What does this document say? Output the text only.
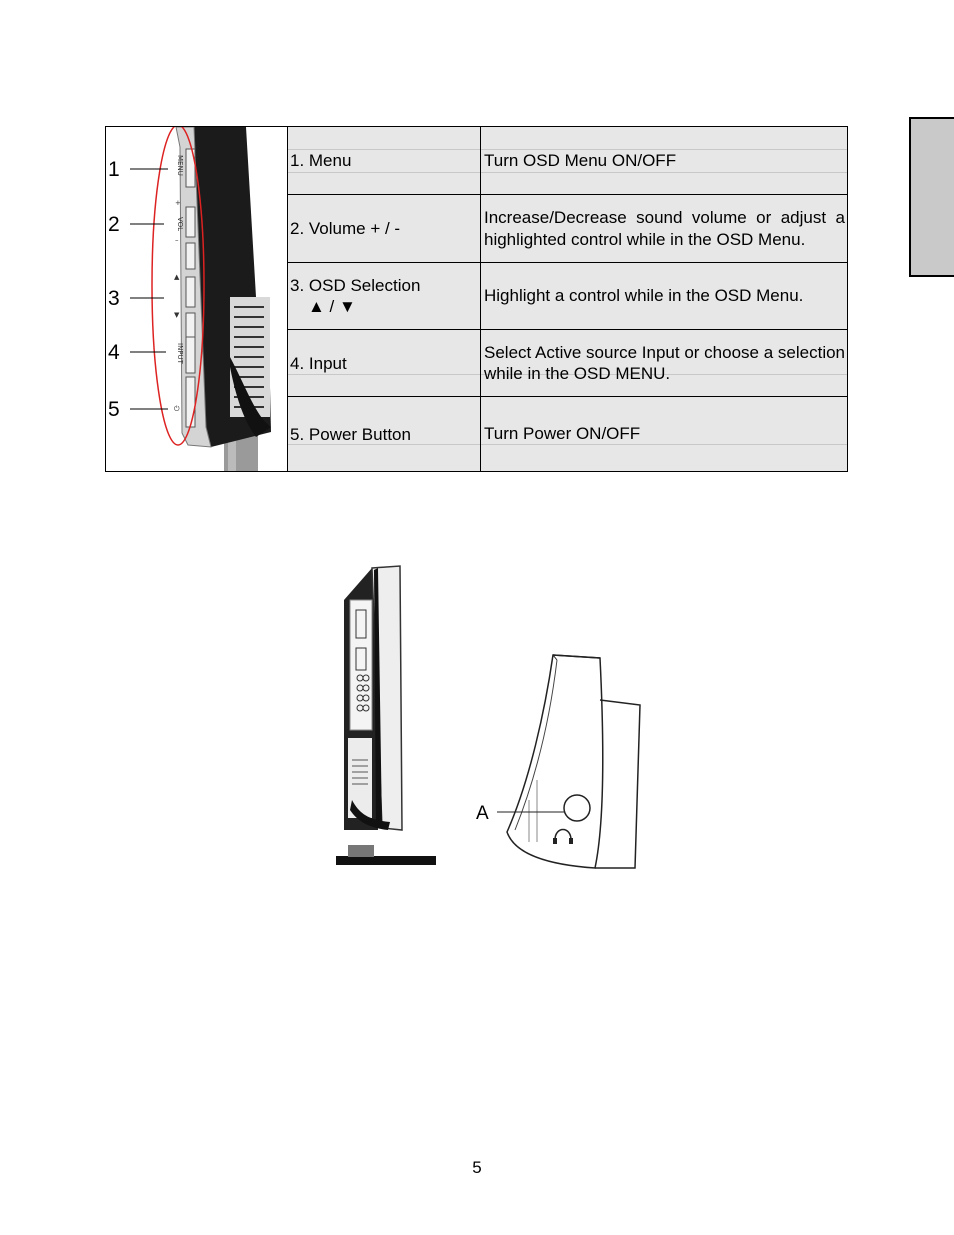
MENU
+
VOL
–
▲
▼
INPUT
⏻
1
2
3
4
5
1. Menu	Turn OSD Menu ON/OFF
2. Volume + / -
Increase/Decrease sound volume or adjust a highlighted control while in the OSD Menu.
3. OSD Selection
▲ / ▼
Highlight a control while in the OSD Menu.
4. Input
Select Active source Input or choose a selection while in the OSD MENU.
5. Power Button	Turn Power ON/OFF
A
5
